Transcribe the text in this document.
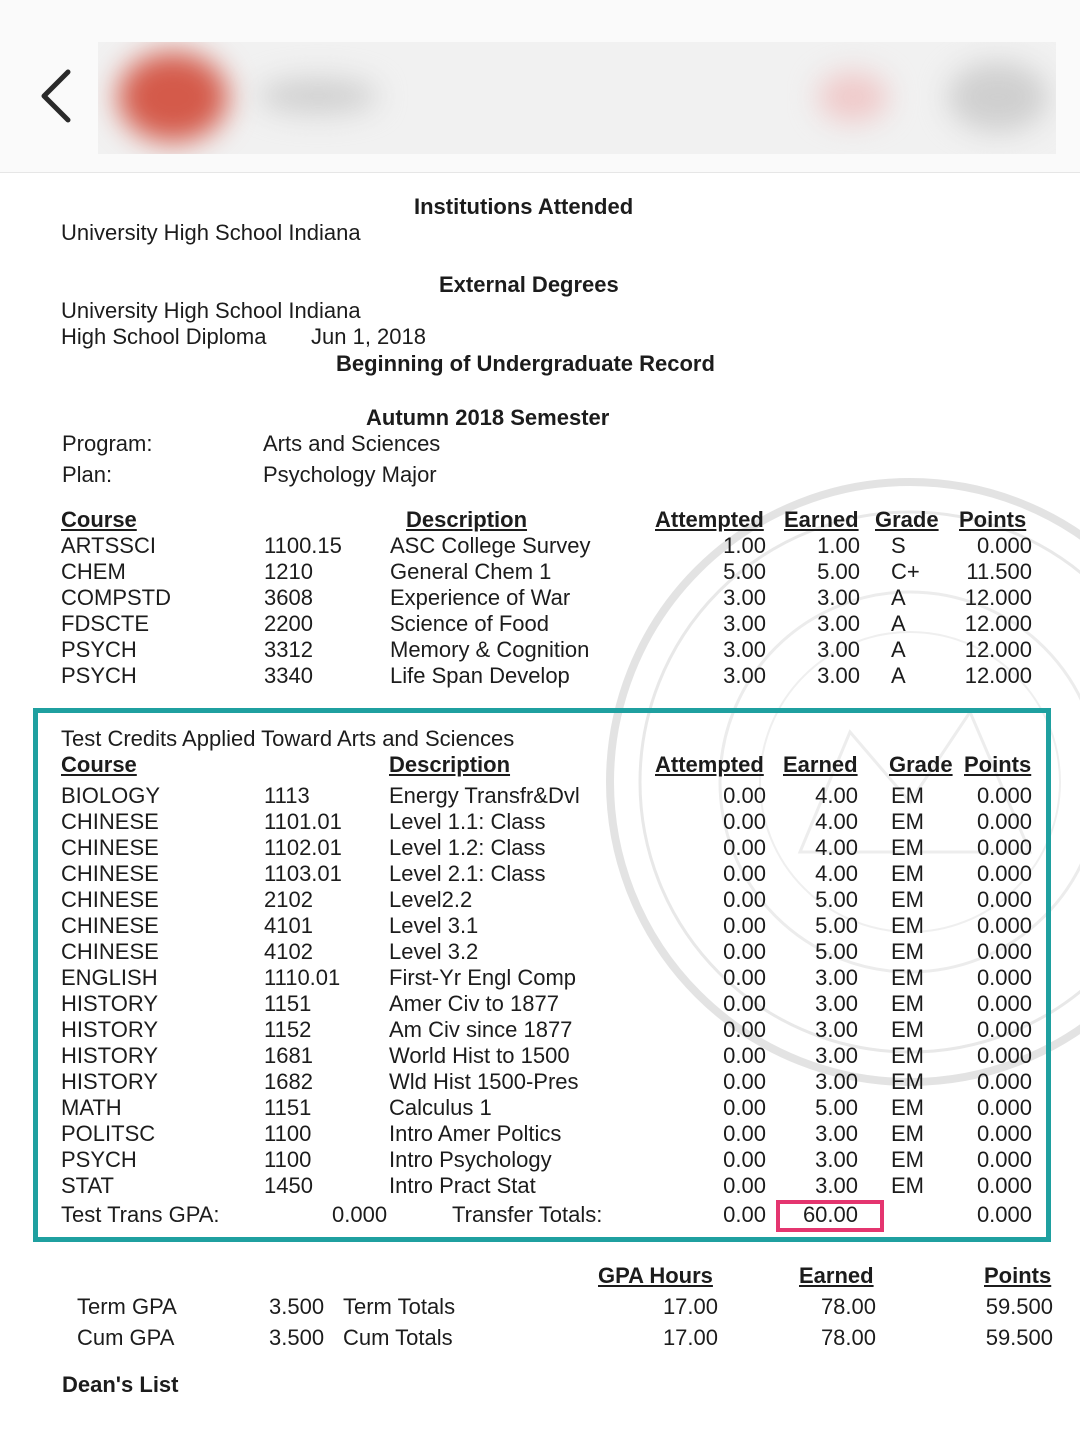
Institutions Attended
University High School Indiana
External Degrees
University High School Indiana
High School Diploma Jun 1, 2018
Beginning of Undergraduate Record
Autumn 2018 Semester
Program:	Arts and Sciences
Plan:	Psychology Major
Course	Description	Attempted Earned Grade Points
ARTSSCI	1100.15 ASC College Survey	1.00	1.00 S	0.000
CHEM	1210	General Chem 1	5.00	5.00 C+	11.500
COMPSTD	3608	Experience of War	3.00	3.00 A	12.000
FDSCTE	2200	Science of Food	3.00	3.00 A	12.000
PSYCH	3312	Memory & Cognition	3.00	3.00 A	12.000
PSYCH	3340	Life Span Develop	3.00	3.00 A	12.000
Test Credits Applied Toward Arts and Sciences
Course	Description	Attempted Earned Grade Points
BIOLOGY	1113	Energy Transfr&Dvl	0.00	4.00 EM	0.000
CHINESE	1101.01 Level 1.1: Class	0.00	4.00 EM	0.000
CHINESE	1102.01 Level 1.2: Class	0.00	4.00 EM	0.000
CHINESE	1103.01 Level 2.1: Class	0.00	4.00 EM	0.000
CHINESE	2102	Level2.2	0.00	5.00 EM	0.000
CHINESE	4101	Level 3.1	0.00	5.00 EM	0.000
CHINESE	4102	Level 3.2	0.00	5.00 EM	0.000
ENGLISH	1110.01 First-Yr Engl Comp	0.00	3.00 EM	0.000
HISTORY	1151	Amer Civ to 1877	0.00	3.00 EM	0.000
HISTORY	1152	Am Civ since 1877	0.00	3.00 EM	0.000
HISTORY	1681	World Hist to 1500	0.00	3.00 EM	0.000
HISTORY	1682	Wld Hist 1500-Pres	0.00	3.00 EM	0.000
MATH	1151	Calculus 1	0.00	5.00 EM	0.000
POLITSC	1100	Intro Amer Poltics	0.00	3.00 EM	0.000
PSYCH	1100	Intro Psychology	0.00	3.00 EM	0.000
STAT	1450	Intro Pract Stat	0.00	3.00 EM	0.000
Test Trans GPA:	0.000	Transfer Totals:	0.00	60.00	0.000
GPA Hours	Earned	Points
Term GPA	3.500 Term Totals	17.00	78.00	59.500
Cum GPA	3.500 Cum Totals	17.00	78.00	59.500
Dean's List
